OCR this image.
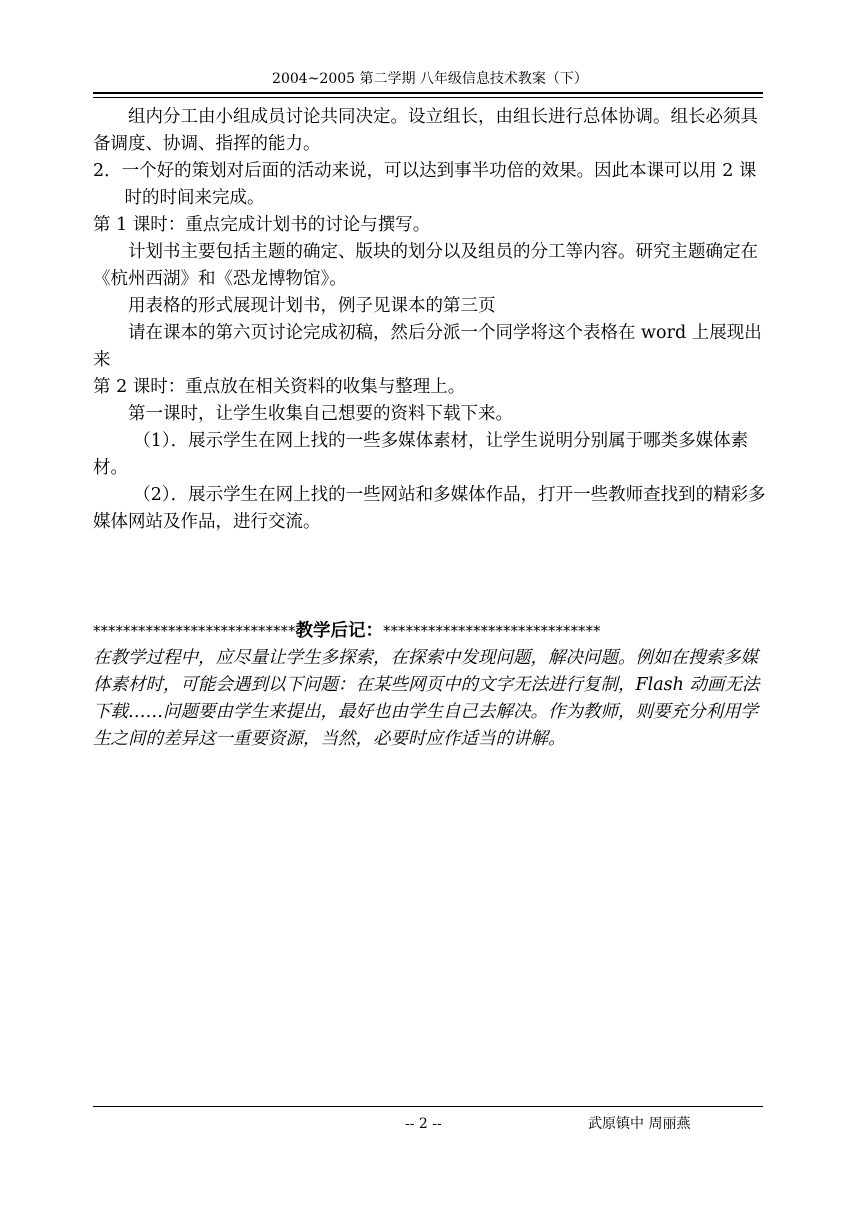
2004~2005 第二学期 八年级信息技术教案（下）

组内分工由小组成员讨论共同决定。设立组长，由组长进行总体协调。组长必须具备调度、协调、指挥的能力。

2．一个好的策划对后面的活动来说，可以达到事半功倍的效果。因此本课可以用 2 课时的时间来完成。

第 1 课时：重点完成计划书的讨论与撰写。

计划书主要包括主题的确定、版块的划分以及组员的分工等内容。研究主题确定在《杭州西湖》和《恐龙博物馆》。

用表格的形式展现计划书，例子见课本的第三页

请在课本的第六页讨论完成初稿，然后分派一个同学将这个表格在 word 上展现出来

第 2 课时：重点放在相关资料的收集与整理上。

第一课时，让学生收集自己想要的资料下载下来。

（1）．展示学生在网上找的一些多媒体素材，让学生说明分别属于哪类多媒体素材。

（2）．展示学生在网上找的一些网站和多媒体作品，打开一些教师查找到的精彩多媒体网站及作品，进行交流。

***************************教学后记：*****************************

在教学过程中，应尽量让学生多探索，在探索中发现问题，解决问题。例如在搜索多媒体素材时，可能会遇到以下问题：在某些网页中的文字无法进行复制，Flash 动画无法下载……问题要由学生来提出，最好也由学生自己去解决。作为教师，则要充分利用学生之间的差异这一重要资源，当然，必要时应作适当的讲解。

-- 2 --	武原镇中 周丽燕
